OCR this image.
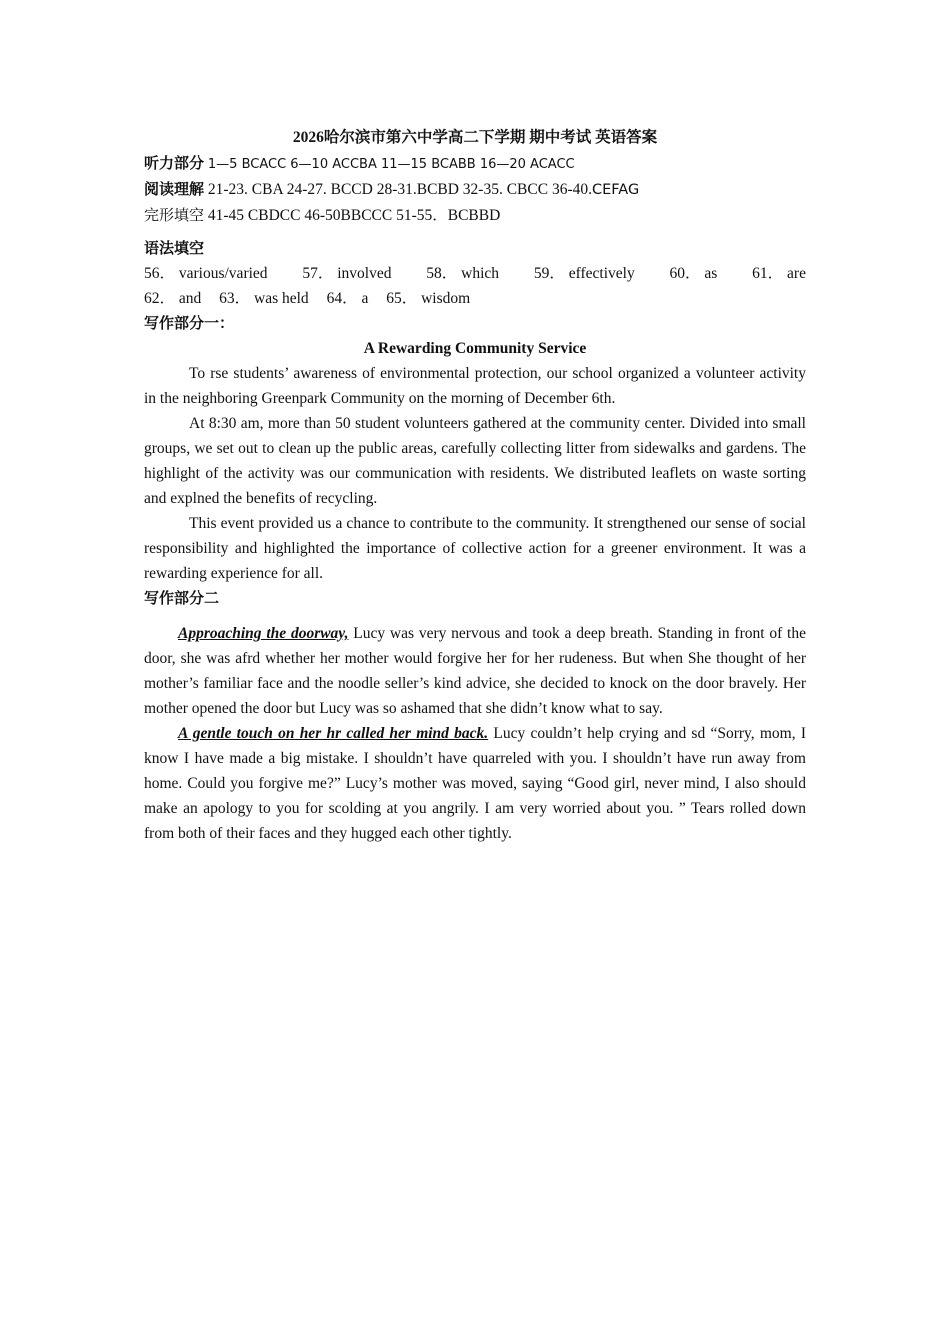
2026哈尔滨市第六中学高二下学期 期中考试 英语答案

听力部分 1—5 BCACC 6—10 ACCBA 11—15 BCABB 16—20 ACACC

阅读理解 21-23. CBA 24-27. BCCD 28-31.BCBD 32-35. CBCC 36-40.CEFAG

完形填空 41-45 CBDCC 46-50BBCCC 51-55．BCBBD

语法填空

56． various/varied 57． involved 58． which 59． effectively 60． as 61． are
62． and 63． was held 64． a 65． wisdom

写作部分一：

A Rewarding Community Service

To rse students’ awareness of environmental protection, our school organized a volunteer activity in the neighboring Greenpark Community on the morning of December 6th.

At 8:30 am, more than 50 student volunteers gathered at the community center. Divided into small groups, we set out to clean up the public areas, carefully collecting litter from sidewalks and gardens. The highlight of the activity was our communication with residents. We distributed leaflets on waste sorting and explned the benefits of recycling.

This event provided us a chance to contribute to the community. It strengthened our sense of social responsibility and highlighted the importance of collective action for a greener environment. It was a rewarding experience for all.

写作部分二

Approaching the doorway, Lucy was very nervous and took a deep breath. Standing in front of the door, she was afrd whether her mother would forgive her for her rudeness. But when She thought of her mother’s familiar face and the noodle seller’s kind advice, she decided to knock on the door bravely. Her mother opened the door but Lucy was so ashamed that she didn’t know what to say.

A gentle touch on her hr called her mind back. Lucy couldn’t help crying and sd “Sorry, mom, I know I have made a big mistake. I shouldn’t have quarreled with you. I shouldn’t have run away from home. Could you forgive me?” Lucy’s mother was moved, saying “Good girl, never mind, I also should make an apology to you for scolding at you angrily. I am very worried about you. ” Tears rolled down from both of their faces and they hugged each other tightly.
